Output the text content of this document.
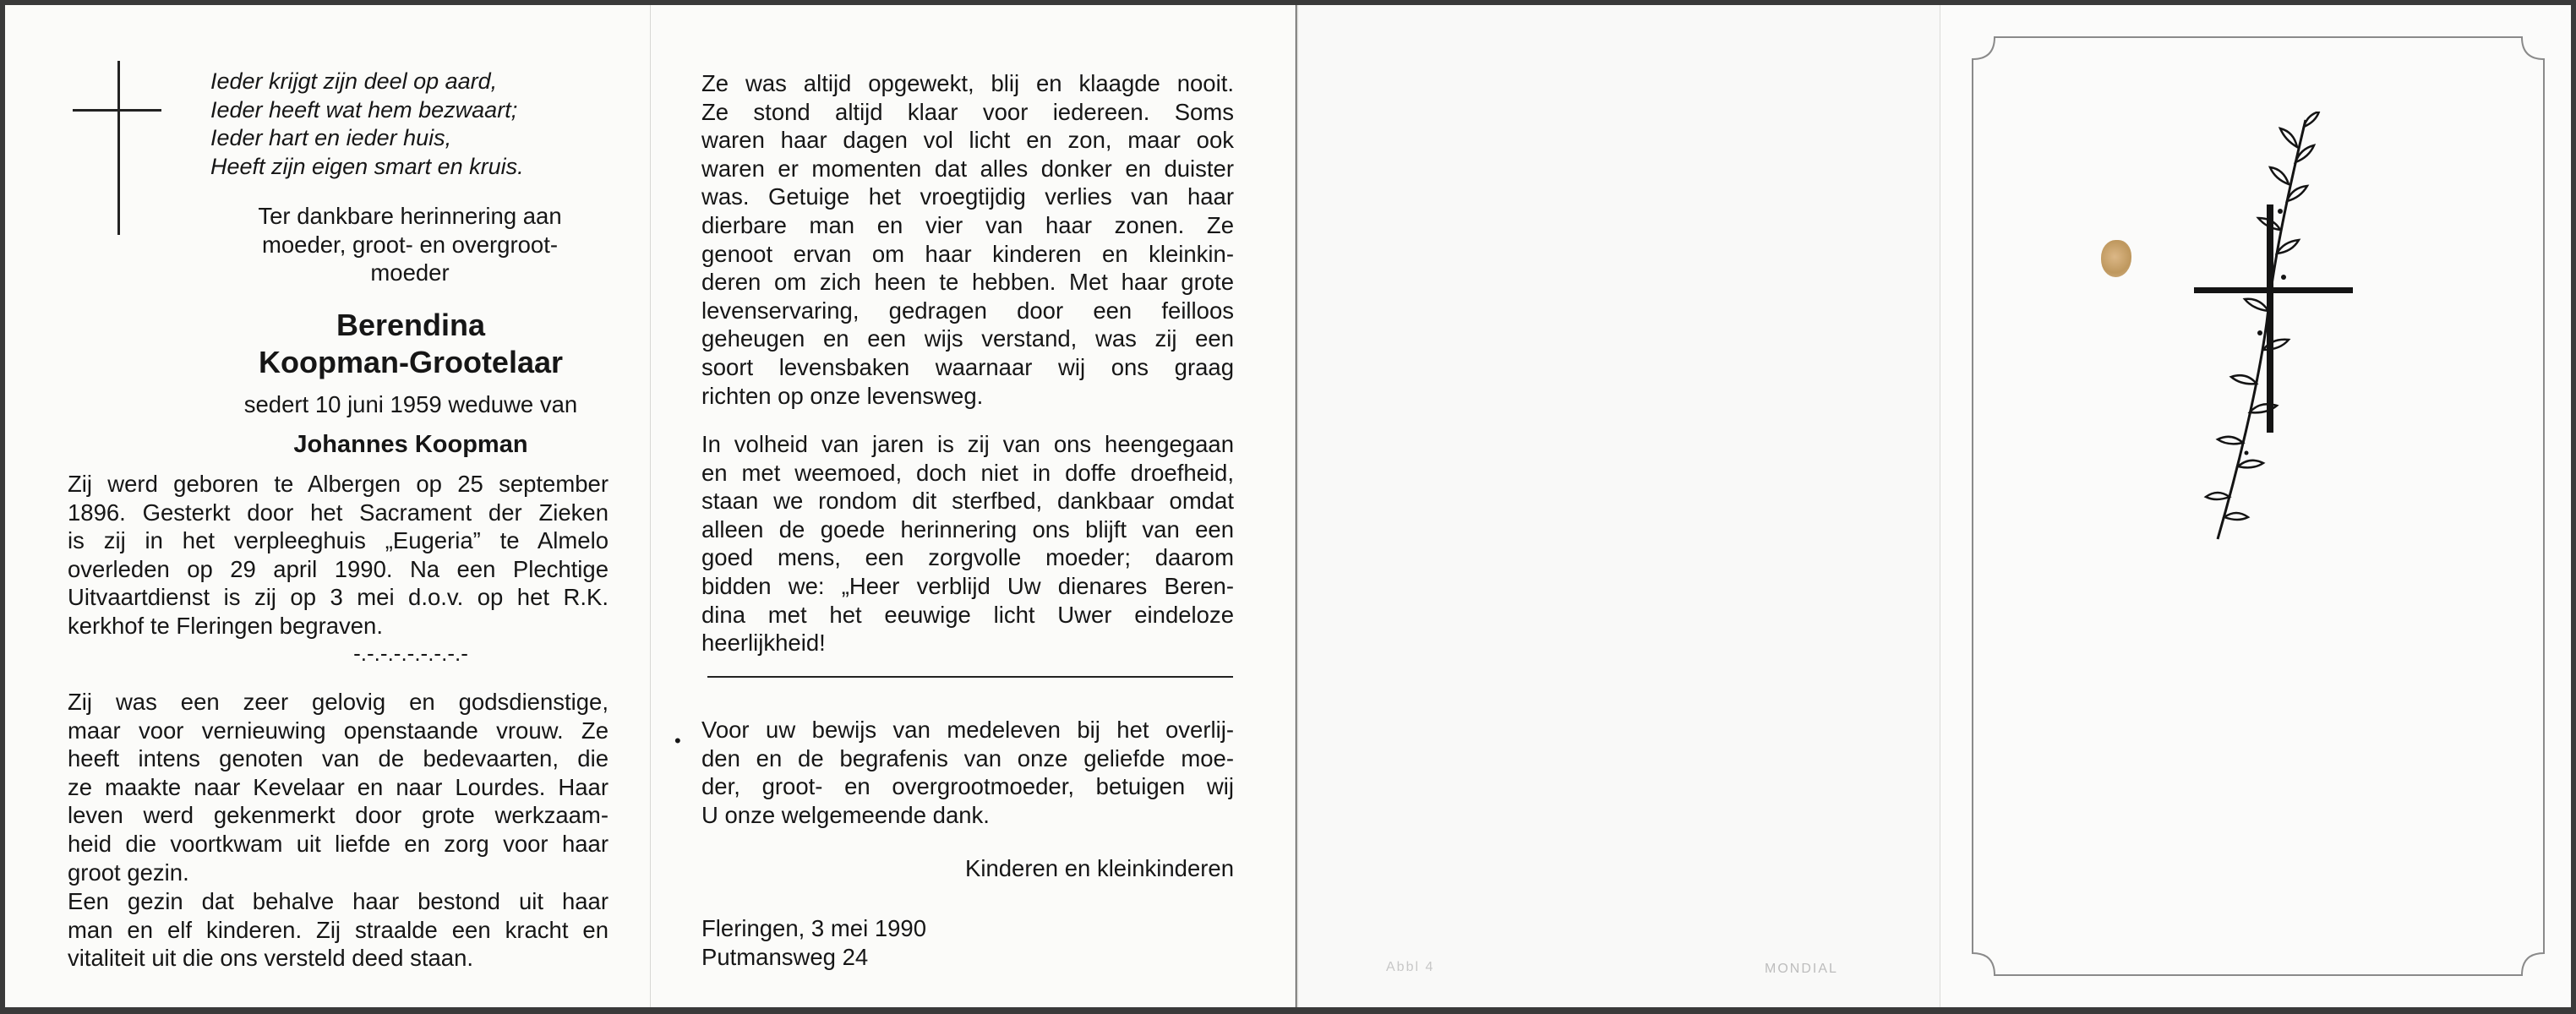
Ieder krijgt zijn deel op aard,
Ieder heeft wat hem bezwaart;
Ieder hart en ieder huis,
Heeft zijn eigen smart en kruis.
Ter dankbare herinnering aan
moeder, groot- en overgroot-
moeder
Berendina
Koopman-Grootelaar
sedert 10 juni 1959 weduwe van
Johannes Koopman
Zij werd geboren te Albergen op 25 september
1896. Gesterkt door het Sacrament der Zieken
is zij in het verpleeghuis „Eugeria” te Almelo
overleden op 29 april 1990. Na een Plechtige
Uitvaartdienst is zij op 3 mei d.o.v. op het R.K.
kerkhof te Fleringen begraven.
-.-.-.-.-.-.-.-.-
Zij was een zeer gelovig en godsdienstige,
maar voor vernieuwing openstaande vrouw. Ze
heeft intens genoten van de bedevaarten, die
ze maakte naar Kevelaar en naar Lourdes. Haar
leven werd gekenmerkt door grote werkzaam-
heid die voortkwam uit liefde en zorg voor haar
groot gezin.
Een gezin dat behalve haar bestond uit haar
man en elf kinderen. Zij straalde een kracht en
vitaliteit uit die ons versteld deed staan.
Ze was altijd opgewekt, blij en klaagde nooit.
Ze stond altijd klaar voor iedereen. Soms
waren haar dagen vol licht en zon, maar ook
waren er momenten dat alles donker en duister
was. Getuige het vroegtijdig verlies van haar
dierbare man en vier van haar zonen. Ze
genoot ervan om haar kinderen en kleinkin-
deren om zich heen te hebben. Met haar grote
levenservaring, gedragen door een feilloos
geheugen en een wijs verstand, was zij een
soort levensbaken waarnaar wij ons graag
richten op onze levensweg.
In volheid van jaren is zij van ons heengegaan
en met weemoed, doch niet in doffe droefheid,
staan we rondom dit sterfbed, dankbaar omdat
alleen de goede herinnering ons blijft van een
goed mens, een zorgvolle moeder; daarom
bidden we: „Heer verblijd Uw dienares Beren-
dina met het eeuwige licht Uwer eindeloze
heerlijkheid!
• Voor uw bewijs van medeleven bij het overlij-
den en de begrafenis van onze geliefde moe-
der, groot- en overgrootmoeder, betuigen wij
U onze welgemeende dank.
Kinderen en kleinkinderen
Fleringen, 3 mei 1990
Putmansweg 24	Abbl 4	MONDIAL
